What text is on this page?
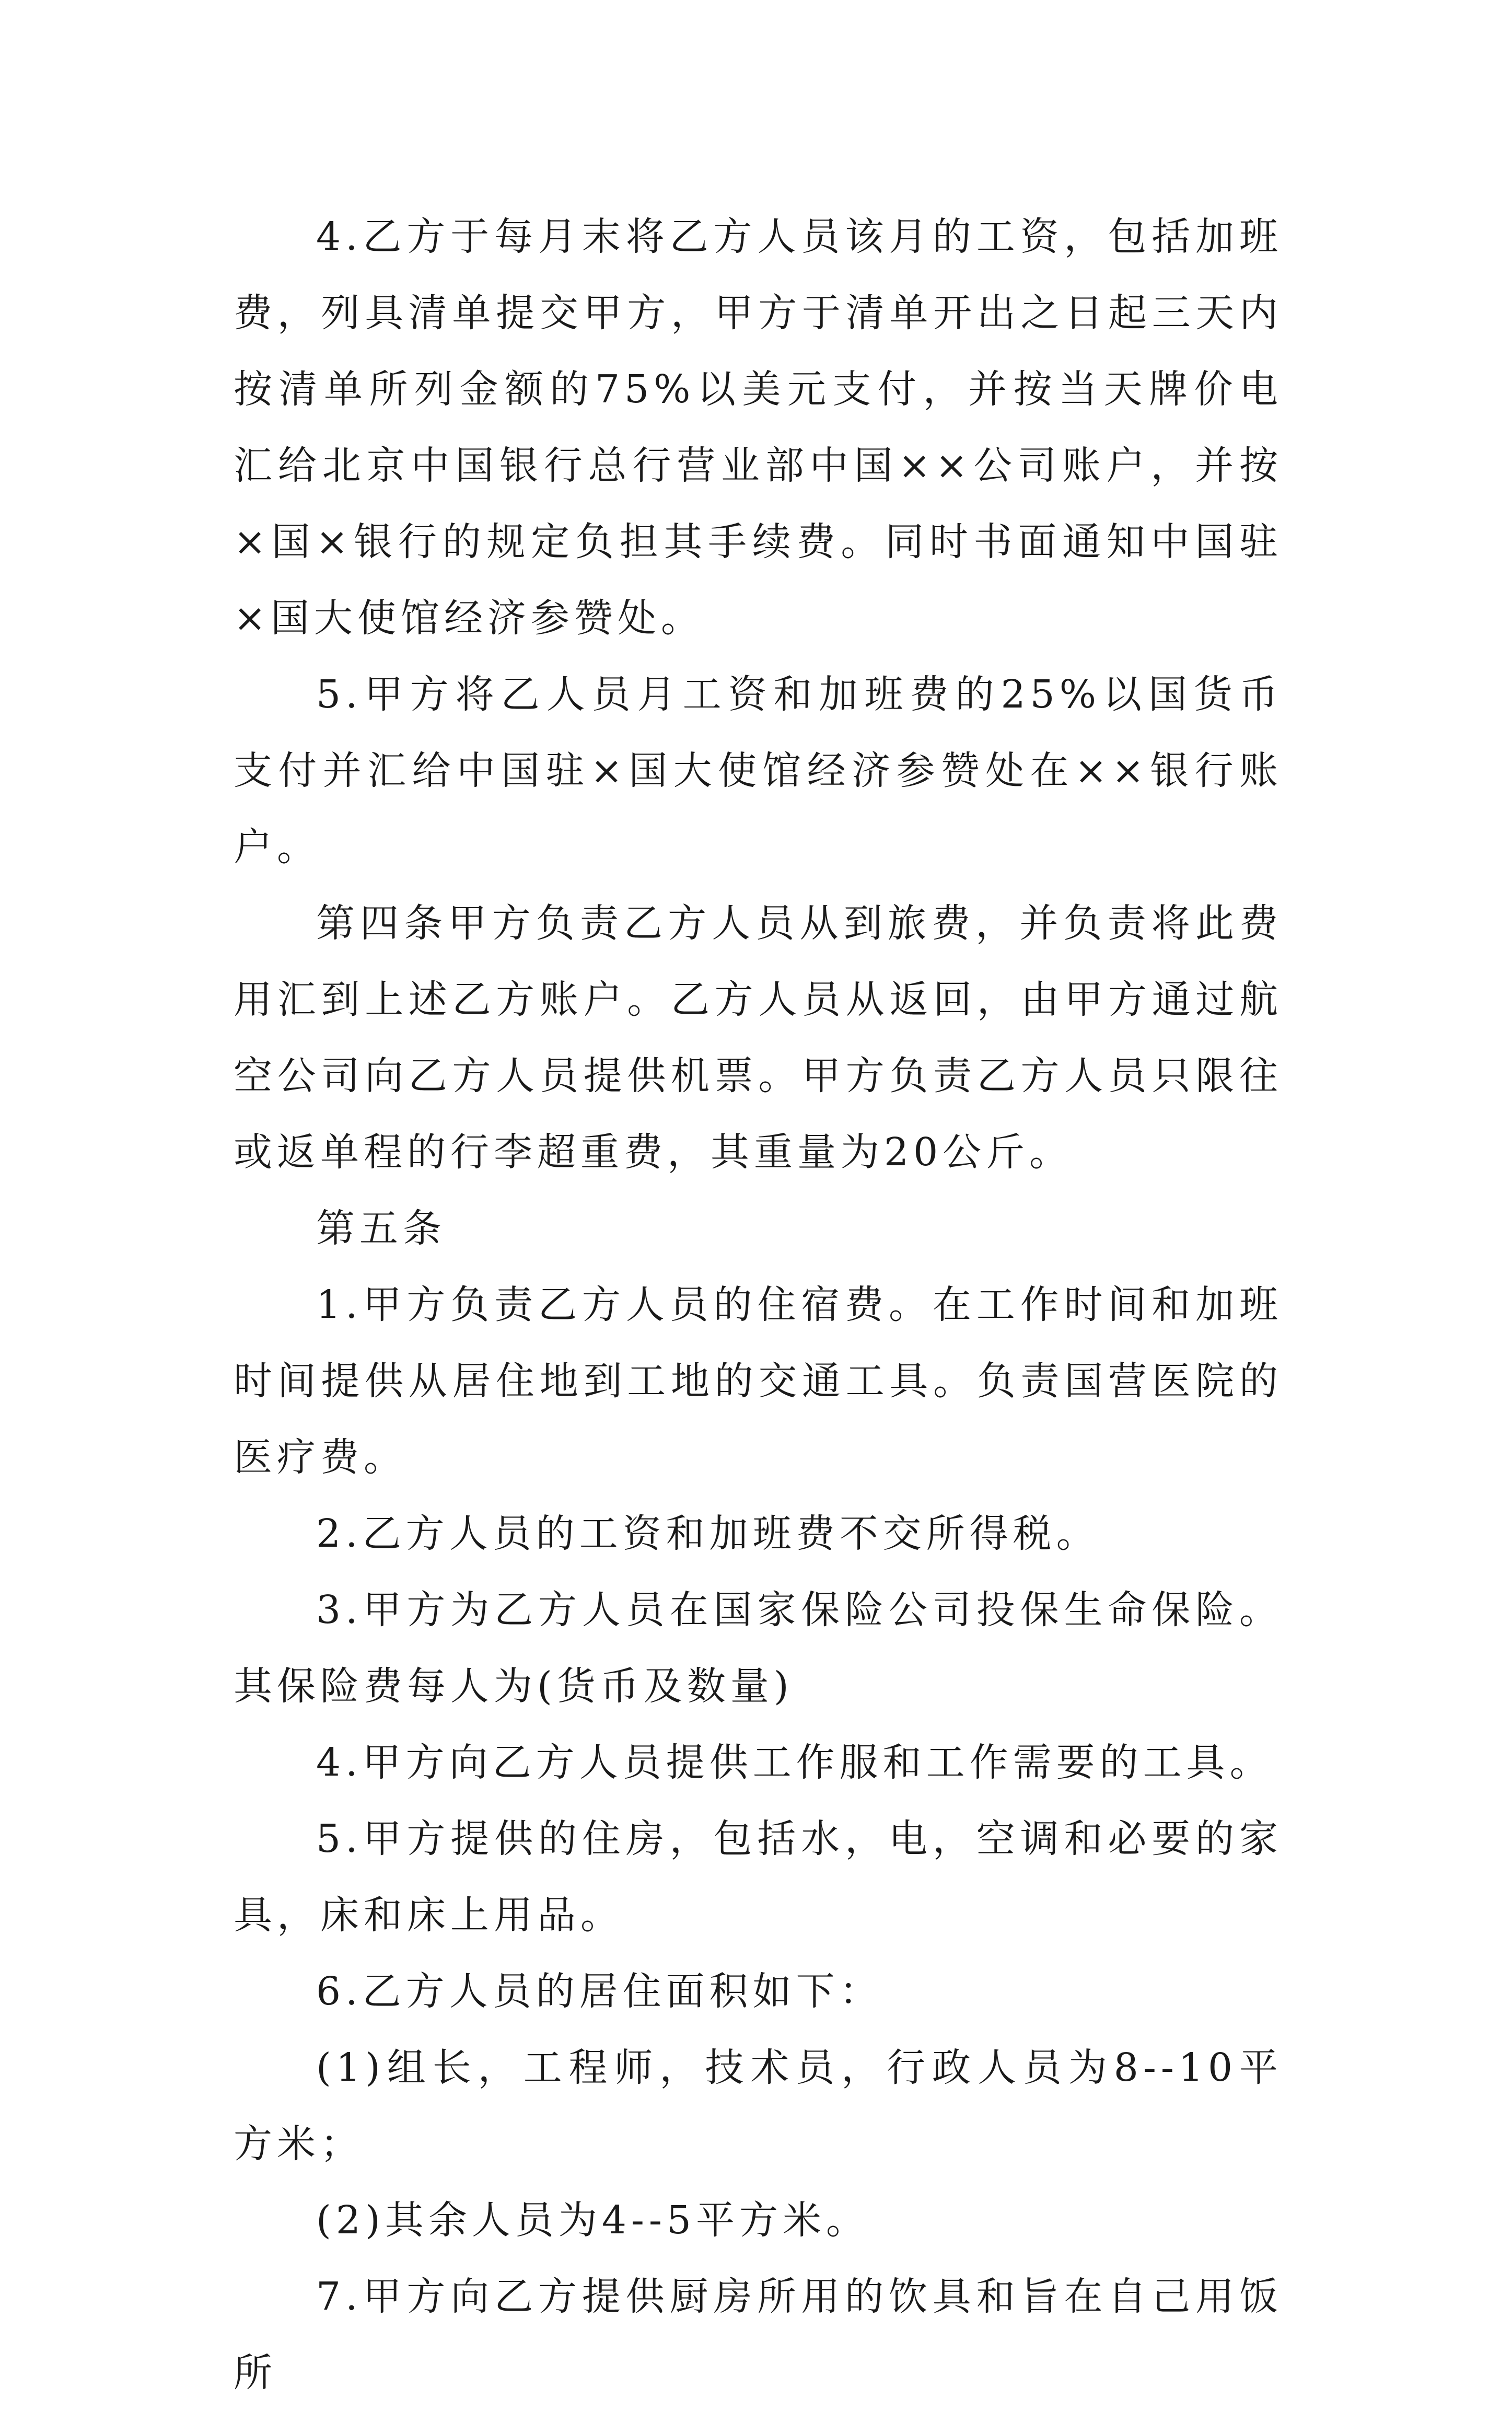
4.乙方于每月末将乙方人员该月的工资，包括加班费，列具清单提交甲方，甲方于清单开出之日起三天内按清单所列金额的75%以美元支付，并按当天牌价电汇给北京中国银行总行营业部中国××公司账户，并按×国×银行的规定负担其手续费。同时书面通知中国驻×国大使馆经济参赞处。

5.甲方将乙人员月工资和加班费的25%以国货币支付并汇给中国驻×国大使馆经济参赞处在××银行账户。

第四条甲方负责乙方人员从到旅费，并负责将此费用汇到上述乙方账户。乙方人员从返回，由甲方通过航空公司向乙方人员提供机票。甲方负责乙方人员只限往或返单程的行李超重费，其重量为20公斤。

第五条

1.甲方负责乙方人员的住宿费。在工作时间和加班时间提供从居住地到工地的交通工具。负责国营医院的医疗费。

2.乙方人员的工资和加班费不交所得税。

3.甲方为乙方人员在国家保险公司投保生命保险。其保险费每人为(货币及数量)

4.甲方向乙方人员提供工作服和工作需要的工具。

5.甲方提供的住房，包括水，电，空调和必要的家具，床和床上用品。

6.乙方人员的居住面积如下：

(1)组长，工程师，技术员，行政人员为8--10平方米；

(2)其余人员为4--5平方米。

7.甲方向乙方提供厨房所用的饮具和旨在自己用饭所
